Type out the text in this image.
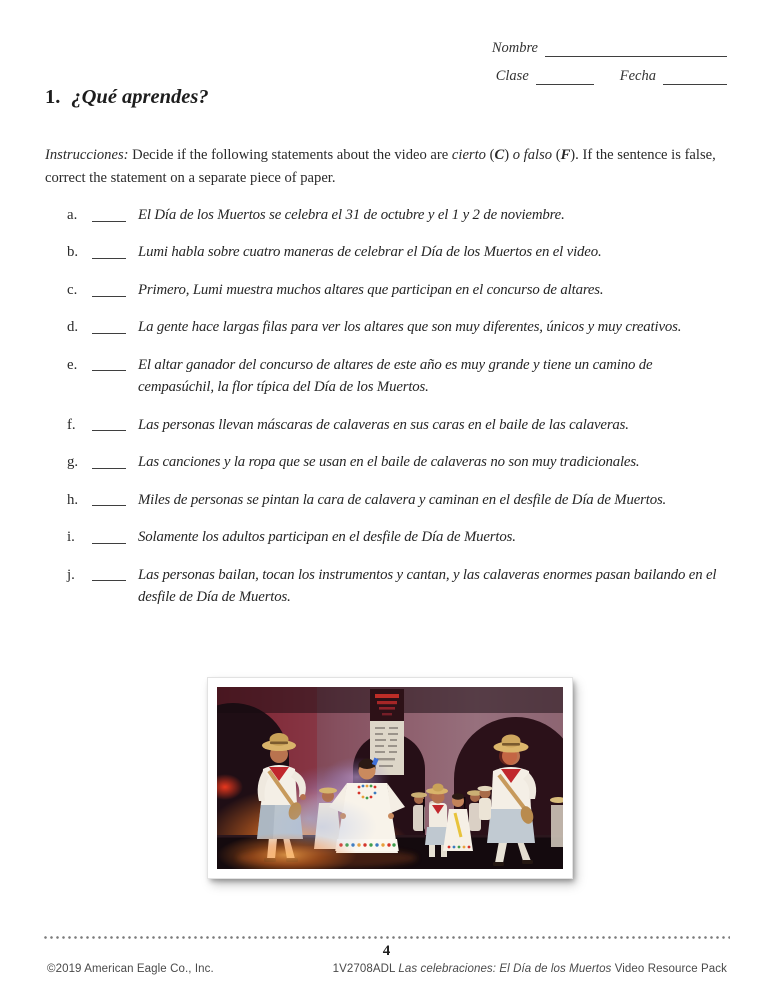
Nombre
Clase	Fecha
1. ¿Qué aprendes?

Instrucciones: Decide if the following statements about the video are cierto (C) o falso (F). If the sentence is false, correct the statement on a separate piece of paper.

a.	El Día de los Muertos se celebra el 31 de octubre y el 1 y 2 de noviembre.
b.	Lumi habla sobre cuatro maneras de celebrar el Día de los Muertos en el video.
c.	Primero, Lumi muestra muchos altares que participan en el concurso de altares.
d.	La gente hace largas filas para ver los altares que son muy diferentes, únicos y muy creativos.
e.	El altar ganador del concurso de altares de este año es muy grande y tiene un camino de cempasúchil, la flor típica del Día de los Muertos.
f.	Las personas llevan máscaras de calaveras en sus caras en el baile de las calaveras.
g.	Las canciones y la ropa que se usan en el baile de calaveras no son muy tradicionales.
h.	Miles de personas se pintan la cara de calavera y caminan en el desfile de Día de Muertos.
i.	Solamente los adultos participan en el desfile de Día de Muertos.
j.	Las personas bailan, tocan los instrumentos y cantan, y las calaveras enormes pasan bailando en el desfile de Día de Muertos.
4
©2019 American Eagle Co., Inc.	1V2708ADL Las celebraciones: El Día de los Muertos Video Resource Pack
